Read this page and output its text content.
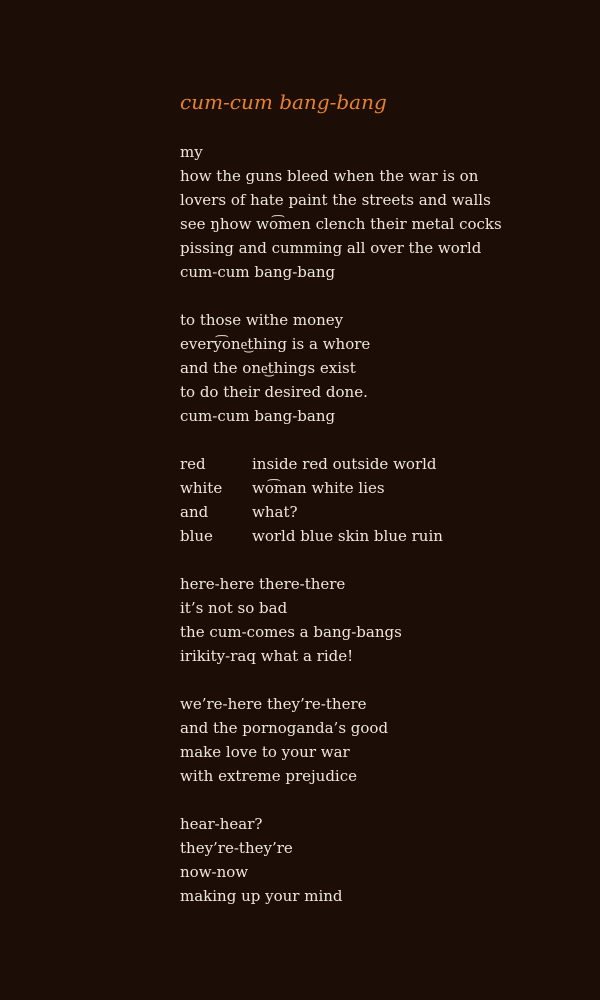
cum-cum bang-bang
my
how the guns bleed when the war is on
lovers of hate paint the streets and walls
see ŋhow wo͡men clench their metal cocks
pissing and cumming all over the world
cum-cum bang-bang
to those withe money
every͡one͜thing is a whore
and the one͜things exist
to do their desired done.
cum-cum bang-bang
red	inside red outside world
white	wo͡man white lies
and	what?
blue	world blue skin blue ruin
here-here there-there
it’s not so bad
the cum-comes a bang-bangs
irikity-raq what a ride!
we’re-here they’re-there
and the pornoganda’s good
make love to your war
with extreme prejudice
hear-hear?
they’re-they’re
now-now
making up your mind
